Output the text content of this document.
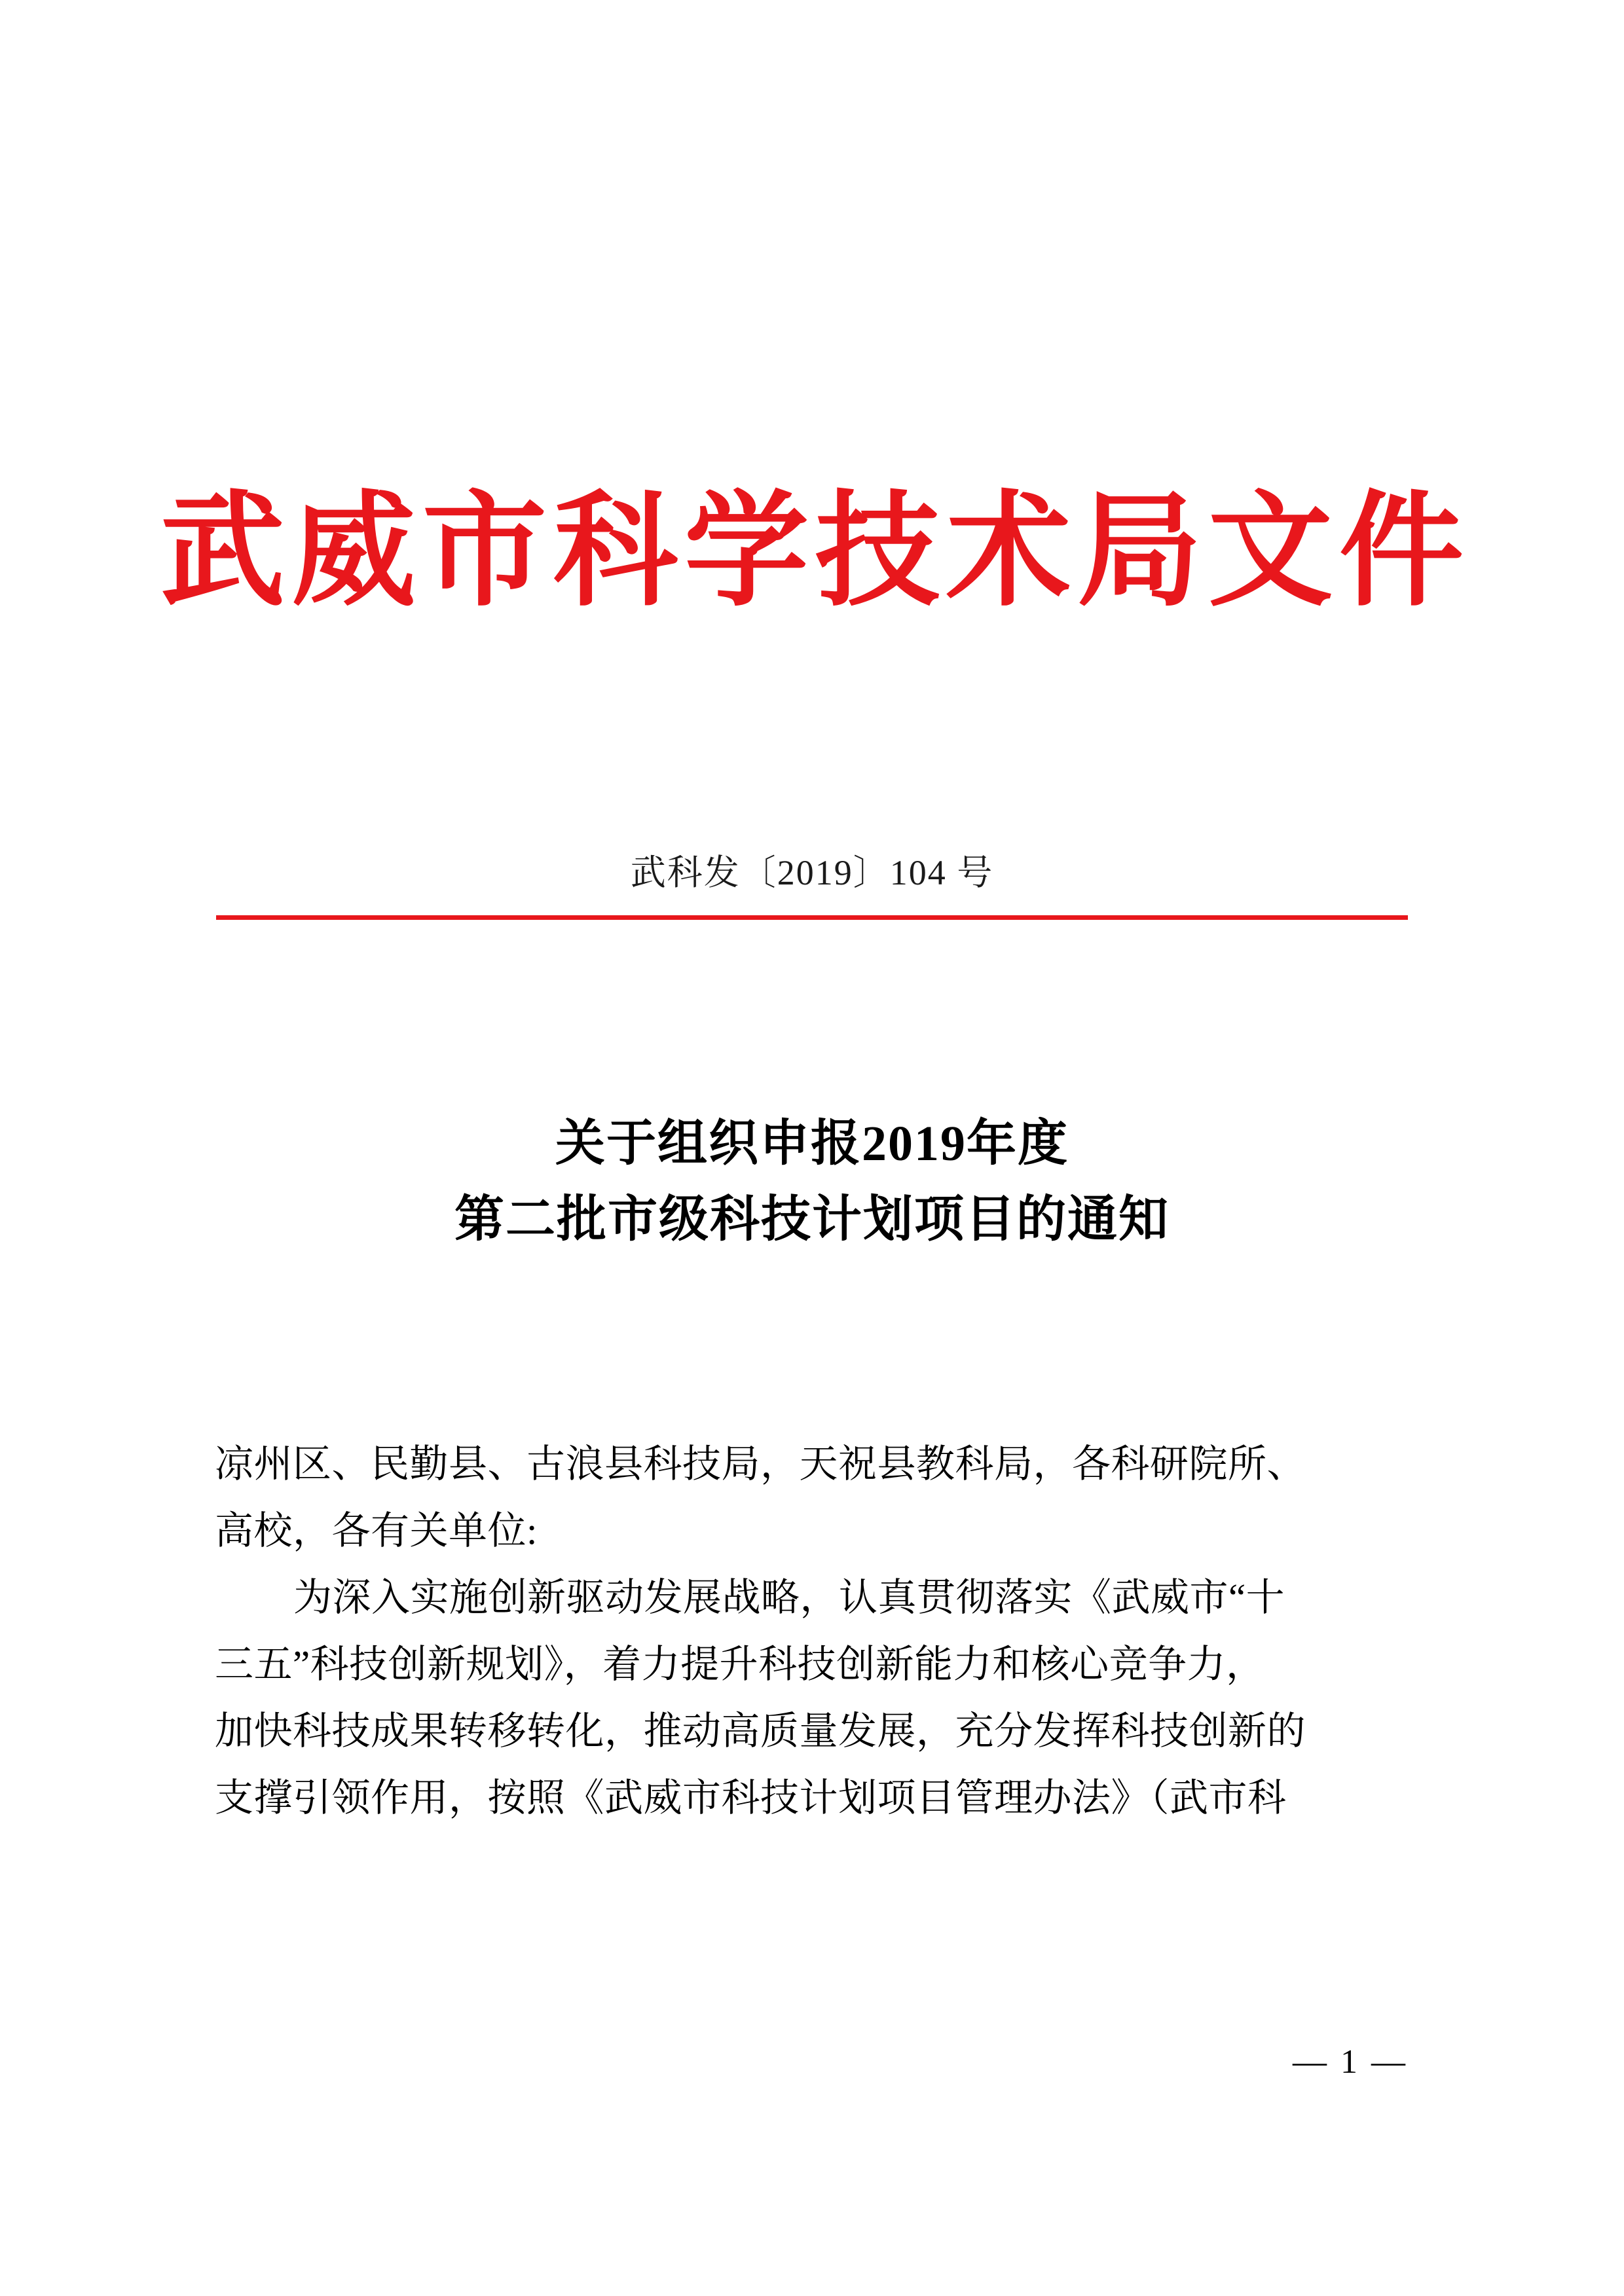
武威市科学技术局文件
武科发〔2019〕104 号
关于组织申报2019年度
第二批市级科技计划项目的通知

凉州区、民勤县、古浪县科技局，天祝县教科局，各科研院所、

高校，各有关单位:

为深入实施创新驱动发展战略，认真贯彻落实《武威市“十

三五”科技创新规划》，着力提升科技创新能力和核心竞争力，

加快科技成果转移转化，推动高质量发展，充分发挥科技创新的

支撑引领作用，按照《武威市科技计划项目管理办法》（武市科

— 1 —
